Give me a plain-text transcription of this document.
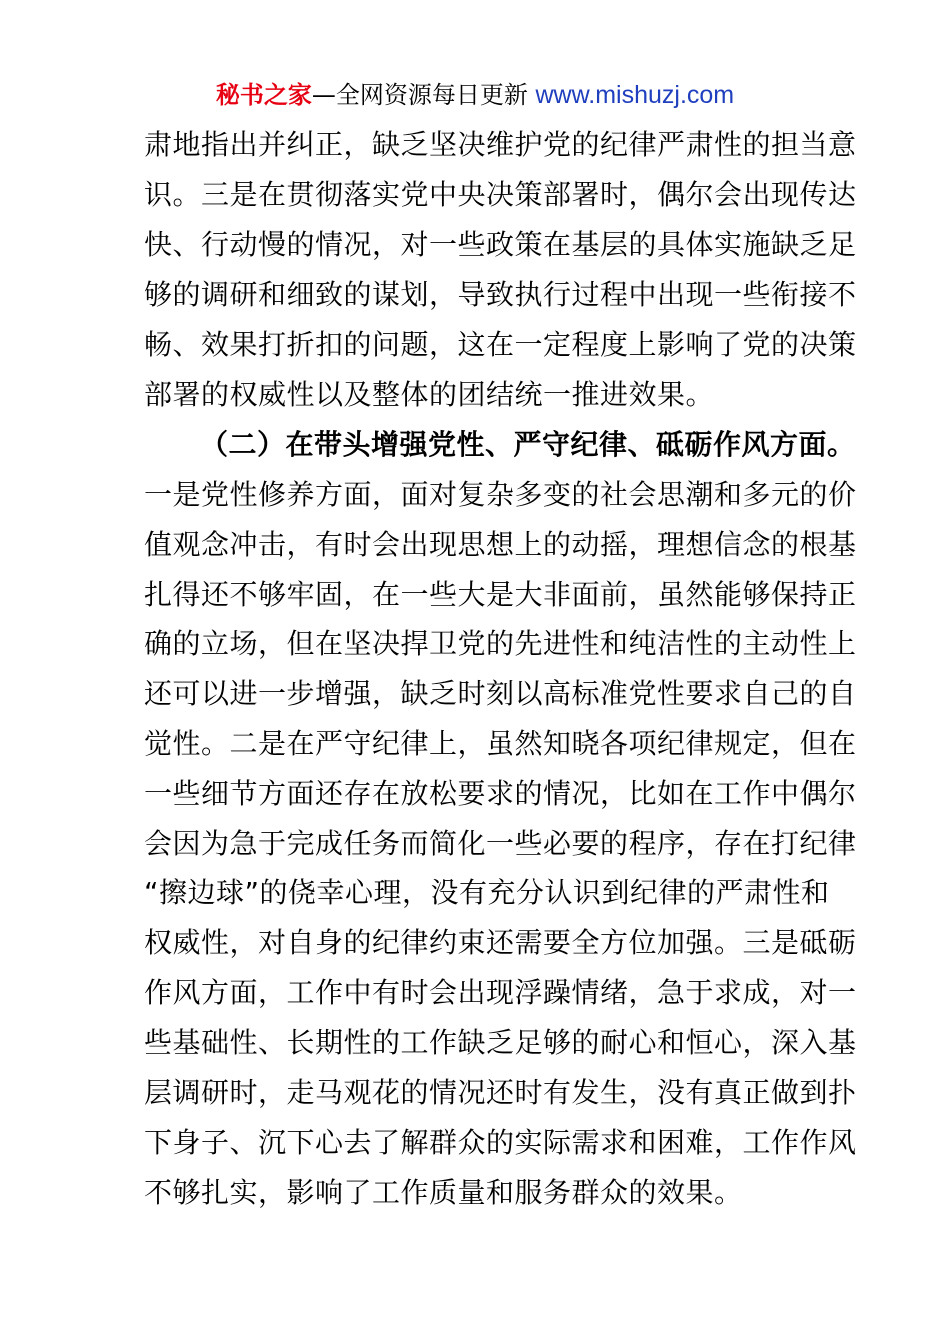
秘书之家—全网资源每日更新 www.mishuzj.com
肃地指出并纠正，缺乏坚决维护党的纪律严肃性的担当意
识。三是在贯彻落实党中央决策部署时，偶尔会出现传达
快、行动慢的情况，对一些政策在基层的具体实施缺乏足
够的调研和细致的谋划，导致执行过程中出现一些衔接不
畅、效果打折扣的问题，这在一定程度上影响了党的决策
部署的权威性以及整体的团结统一推进效果。
（二）在带头增强党性、严守纪律、砥砺作风方面。
一是党性修养方面，面对复杂多变的社会思潮和多元的价
值观念冲击，有时会出现思想上的动摇，理想信念的根基
扎得还不够牢固，在一些大是大非面前，虽然能够保持正
确的立场，但在坚决捍卫党的先进性和纯洁性的主动性上
还可以进一步增强，缺乏时刻以高标准党性要求自己的自
觉性。二是在严守纪律上，虽然知晓各项纪律规定，但在
一些细节方面还存在放松要求的情况，比如在工作中偶尔
会因为急于完成任务而简化一些必要的程序，存在打纪律
“擦边球”的侥幸心理，没有充分认识到纪律的严肃性和
权威性，对自身的纪律约束还需要全方位加强。三是砥砺
作风方面，工作中有时会出现浮躁情绪，急于求成，对一
些基础性、长期性的工作缺乏足够的耐心和恒心，深入基
层调研时，走马观花的情况还时有发生，没有真正做到扑
下身子、沉下心去了解群众的实际需求和困难，工作作风
不够扎实，影响了工作质量和服务群众的效果。
